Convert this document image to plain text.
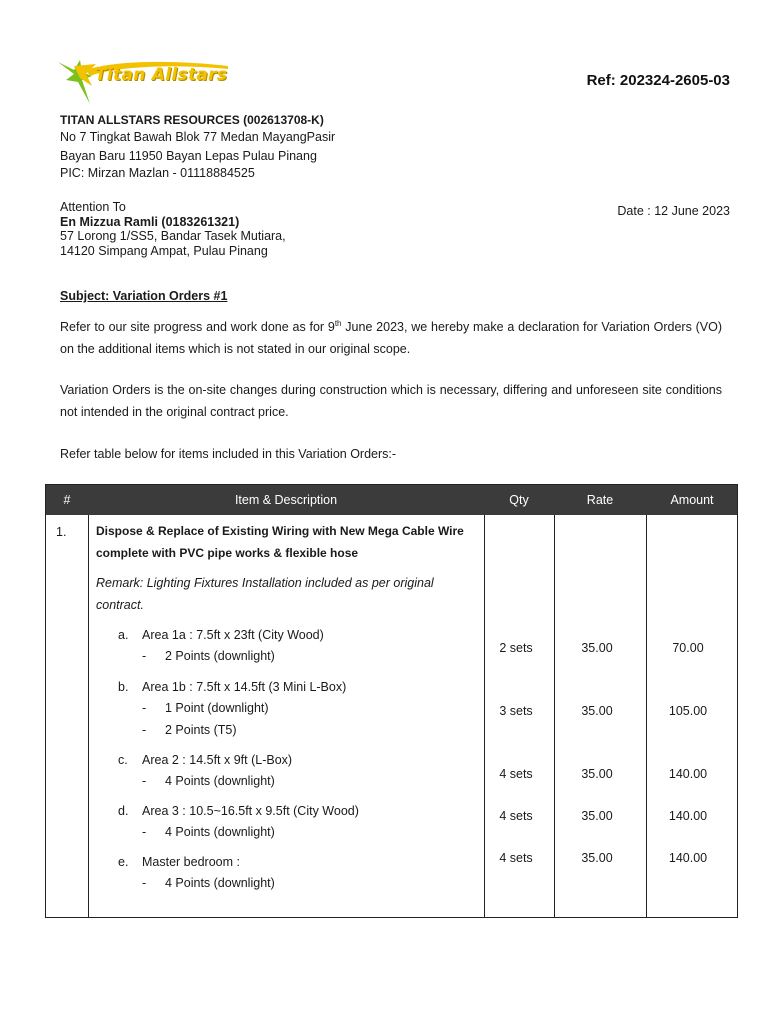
Titan Allstars	Ref: 202324-2605-03
TITAN ALLSTARS RESOURCES (002613708-K)
No 7 Tingkat Bawah Blok 77 Medan MayangPasir
Bayan Baru 11950 Bayan Lepas Pulau Pinang
PIC: Mirzan Mazlan - 01118884525
Attention To
En Mizzua Ramli (0183261321)
57 Lorong 1/SS5, Bandar Tasek Mutiara,
14120 Simpang Ampat, Pulau Pinang
Date : 12 June 2023
Subject: Variation Orders #1
Refer to our site progress and work done as for 9th June 2023, we hereby make a declaration for Variation Orders (VO) on the additional items which is not stated in our original scope.
Variation Orders is the on-site changes during construction which is necessary, differing and unforeseen site conditions not intended in the original contract price.
Refer table below for items included in this Variation Orders:-
#	Item & Description	Qty	Rate	Amount
1. Dispose & Replace of Existing Wiring with New Mega Cable Wire complete with PVC pipe works & flexible hose
Remark: Lighting Fixtures Installation included as per original contract.
a. Area 1a : 7.5ft x 23ft (City Wood)
- 2 Points (downlight)
2 sets	35.00	70.00
b. Area 1b : 7.5ft x 14.5ft (3 Mini L-Box)
- 1 Point (downlight)
- 2 Points (T5)
3 sets	35.00	105.00
c. Area 2 : 14.5ft x 9ft (L-Box)
- 4 Points (downlight)	4 sets	35.00	140.00
d. Area 3 : 10.5~16.5ft x 9.5ft (City Wood)
- 4 Points (downlight)
4 sets	35.00	140.00
e. Master bedroom :
- 4 Points (downlight)
4 sets	35.00	140.00
